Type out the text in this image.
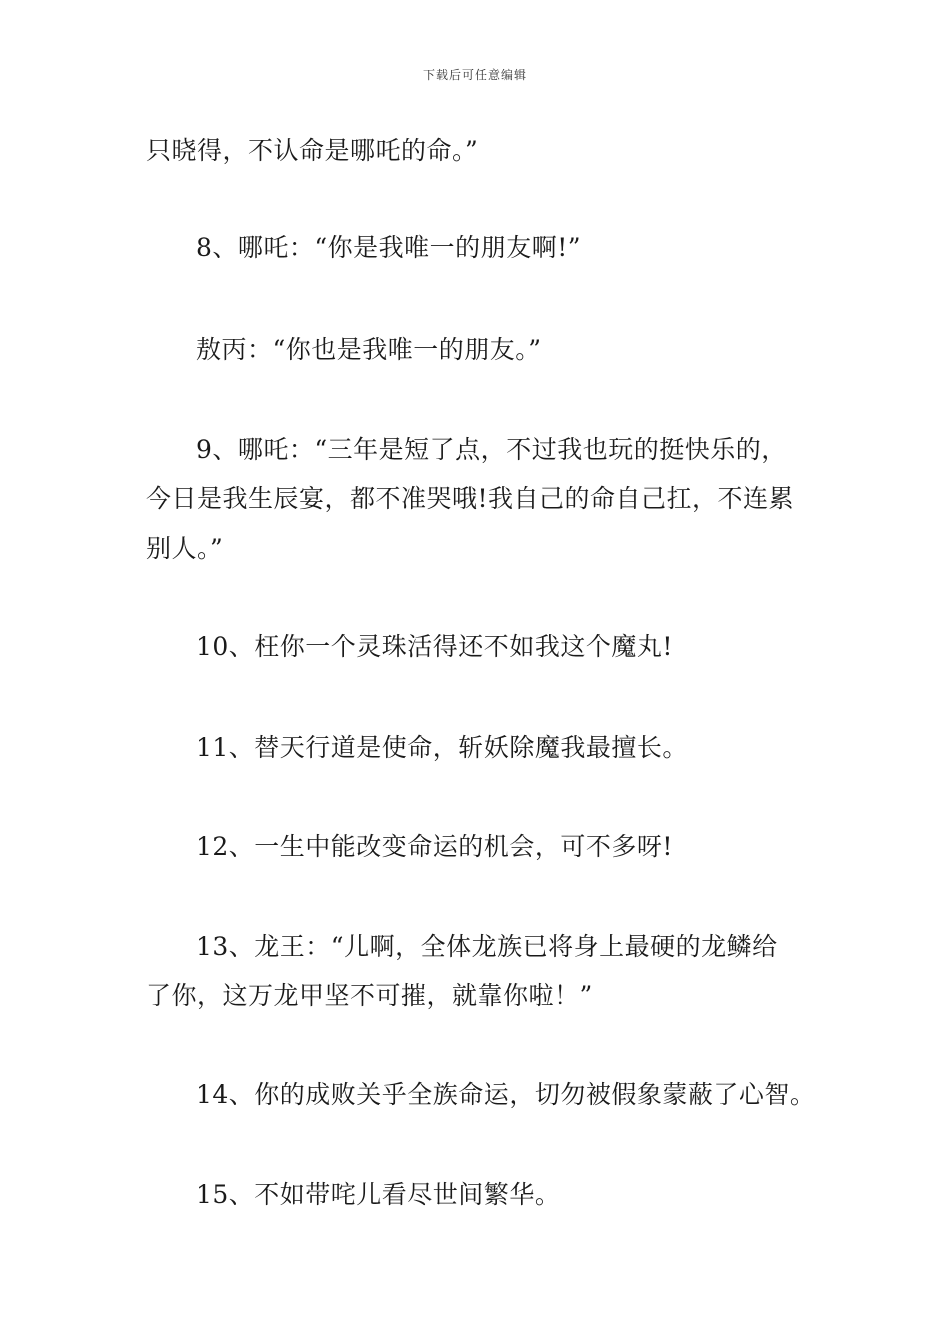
下载后可任意编辑
只晓得，不认命是哪吒的命。”
8、哪吒：“你是我唯一的朋友啊!”
敖丙：“你也是我唯一的朋友。”
9、哪吒：“三年是短了点，不过我也玩的挺快乐的，
今日是我生辰宴，都不准哭哦!我自己的命自己扛，不连累
别人。”
10、枉你一个灵珠活得还不如我这个魔丸!
11、替天行道是使命，斩妖除魔我最擅长。
12、一生中能改变命运的机会，可不多呀!
13、龙王：“儿啊，全体龙族已将身上最硬的龙鳞给
了你，这万龙甲坚不可摧，就靠你啦！”
14、你的成败关乎全族命运，切勿被假象蒙蔽了心智。
15、不如带咤儿看尽世间繁华。
